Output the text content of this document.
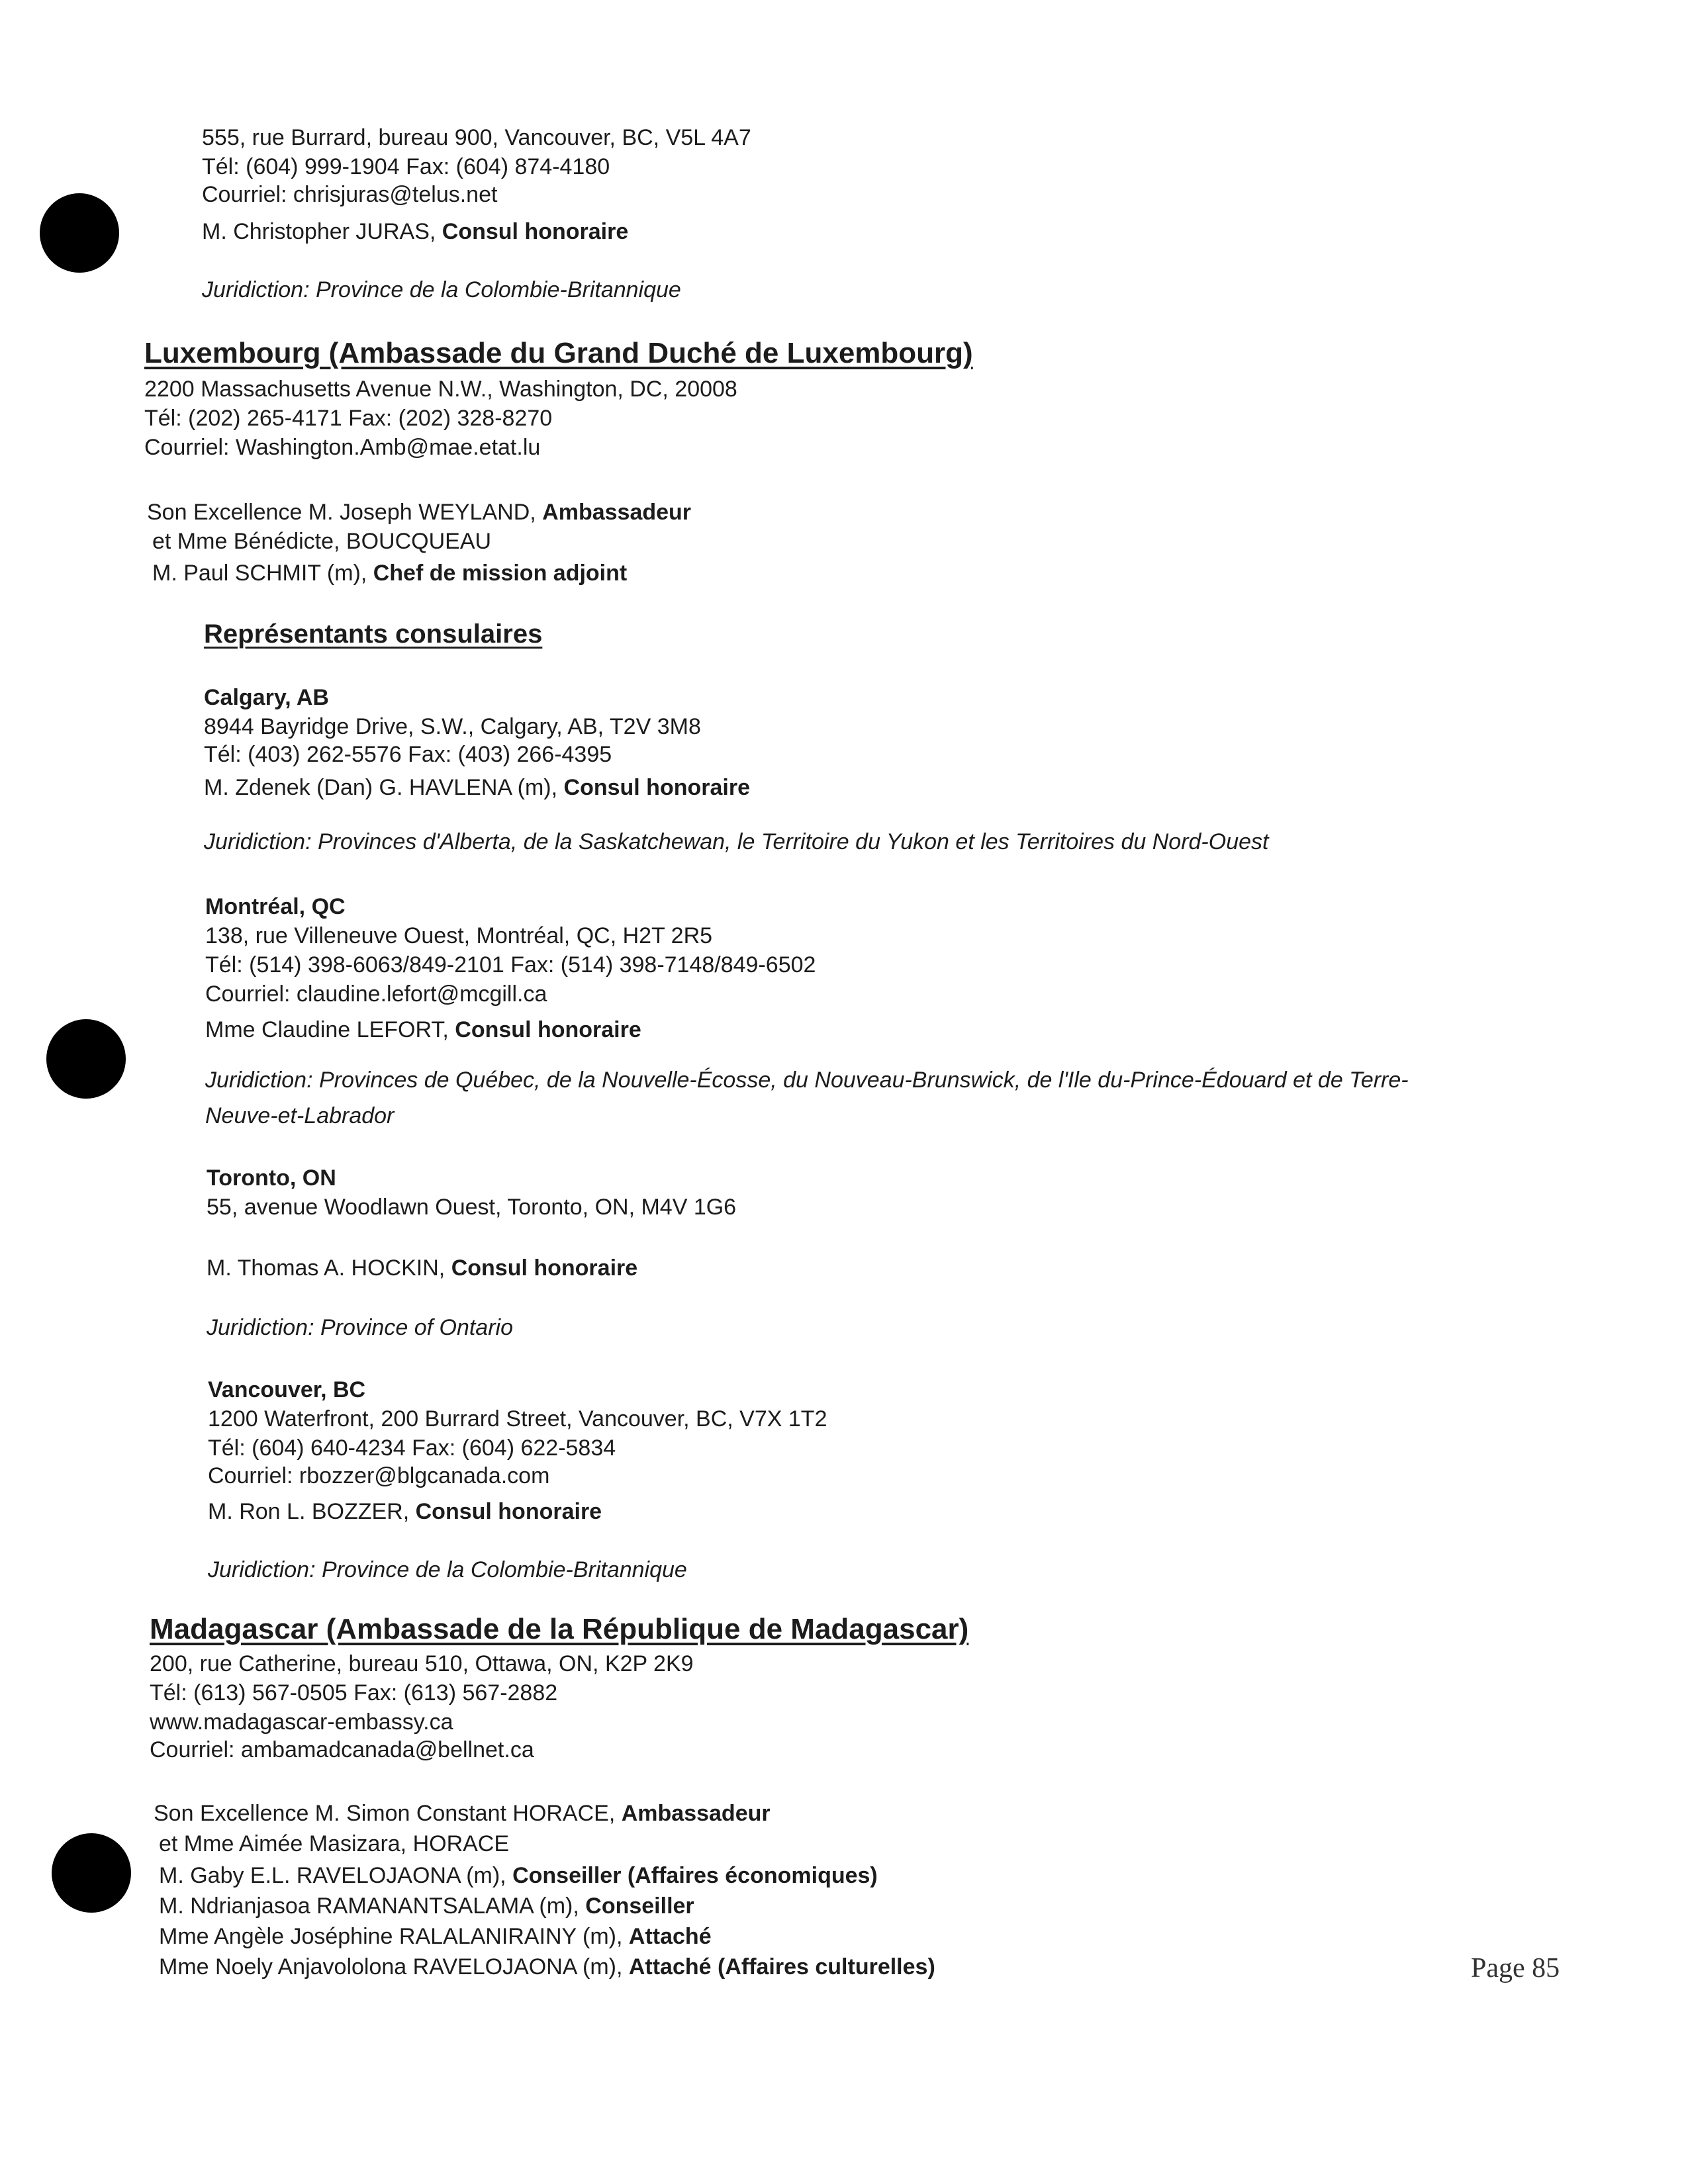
555, rue Burrard, bureau 900, Vancouver, BC, V5L 4A7
Tél: (604) 999-1904 Fax: (604) 874-4180
Courriel: chrisjuras@telus.net
M. Christopher JURAS, Consul honoraire
Juridiction: Province de la Colombie-Britannique
Luxembourg (Ambassade du Grand Duché de Luxembourg)
2200 Massachusetts Avenue N.W., Washington, DC, 20008
Tél: (202) 265-4171 Fax: (202) 328-8270
Courriel: Washington.Amb@mae.etat.lu
Son Excellence M. Joseph WEYLAND, Ambassadeur
et Mme Bénédicte, BOUCQUEAU
M. Paul SCHMIT (m), Chef de mission adjoint
Représentants consulaires
Calgary, AB
8944 Bayridge Drive, S.W., Calgary, AB, T2V 3M8
Tél: (403) 262-5576 Fax: (403) 266-4395
M. Zdenek (Dan) G. HAVLENA (m), Consul honoraire
Juridiction: Provinces d'Alberta, de la Saskatchewan, le Territoire du Yukon et les Territoires du Nord-Ouest
Montréal, QC
138, rue Villeneuve Ouest, Montréal, QC, H2T 2R5
Tél: (514) 398-6063/849-2101 Fax: (514) 398-7148/849-6502
Courriel: claudine.lefort@mcgill.ca
Mme Claudine LEFORT, Consul honoraire
Juridiction: Provinces de Québec, de la Nouvelle-Écosse, du Nouveau-Brunswick, de l'Ile du-Prince-Édouard et de Terre-
Neuve-et-Labrador
Toronto, ON
55, avenue Woodlawn Ouest, Toronto, ON, M4V 1G6
M. Thomas A. HOCKIN, Consul honoraire
Juridiction: Province of Ontario
Vancouver, BC
1200 Waterfront, 200 Burrard Street, Vancouver, BC, V7X 1T2
Tél: (604) 640-4234 Fax: (604) 622-5834
Courriel: rbozzer@blgcanada.com
M. Ron L. BOZZER, Consul honoraire
Juridiction: Province de la Colombie-Britannique
Madagascar (Ambassade de la République de Madagascar)
200, rue Catherine, bureau 510, Ottawa, ON, K2P 2K9
Tél: (613) 567-0505 Fax: (613) 567-2882
www.madagascar-embassy.ca
Courriel: ambamadcanada@bellnet.ca
Son Excellence M. Simon Constant HORACE, Ambassadeur
et Mme Aimée Masizara, HORACE
M. Gaby E.L. RAVELOJAONA (m), Conseiller (Affaires économiques)
M. Ndrianjasoa RAMANANTSALAMA (m), Conseiller
Mme Angèle Joséphine RALALANIRAINY (m), Attaché
Mme Noely Anjavololona RAVELOJAONA (m), Attaché (Affaires culturelles)	Page 85
